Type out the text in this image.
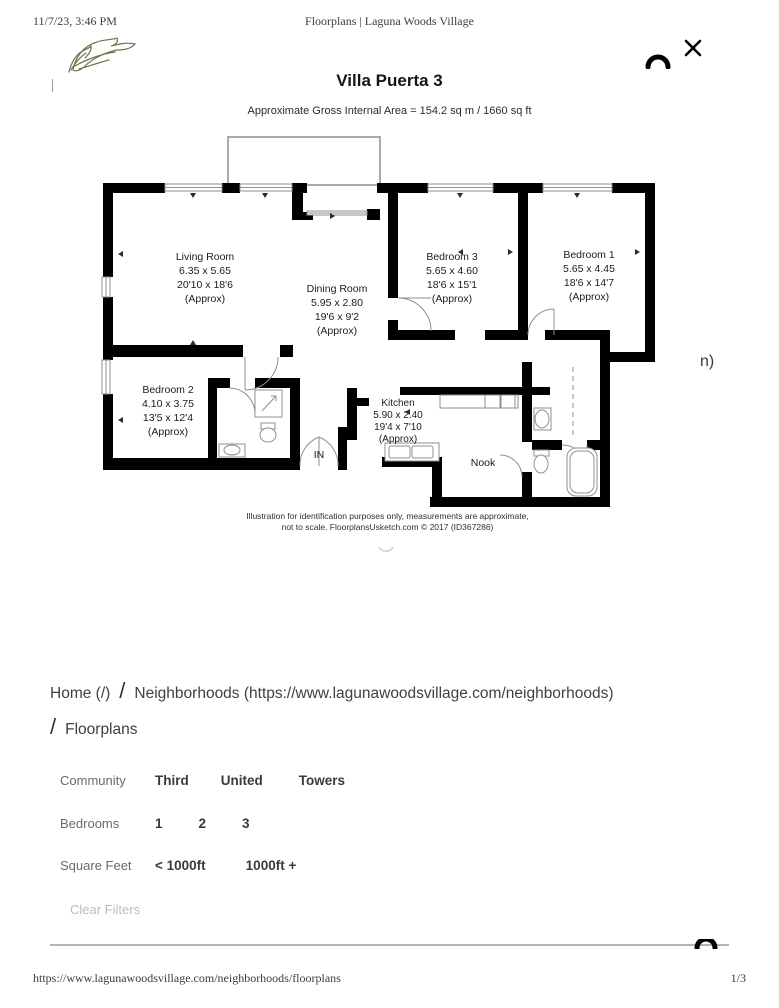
11/7/23, 3:46 PM	Floorplans | Laguna Woods Village
Villa Puerta 3
Approximate Gross Internal Area = 154.2 sq m / 1660 sq ft
Living Room
6.35 x 5.65
20'10 x 18'6
(Approx)
Dining Room
5.95 x 2.80
19'6 x 9'2
(Approx)
Bedroom 3
5.65 x 4.60
18'6 x 15'1
(Approx)
Bedroom 1
5.65 x 4.45
18'6 x 14'7
(Approx)
Bedroom 2
4.10 x 3.75
13'5 x 12'4
(Approx)
Kitchen
5.90 x 2.40
19'4 x 7'10
(Approx)
Nook
IN
Illustration for identification purposes only, measurements are approximate,
not to scale. FloorplansUsketch.com © 2017 (ID367286)
n)
Home (/) / Neighborhoods (https://www.lagunawoodsvillage.com/neighborhoods)
/ Floorplans
Community	Third United	Towers
Bedrooms	1	2	3
Square Feet	< 1000ft	1000ft +
Clear Filters
https://www.lagunawoodsvillage.com/neighborhoods/floorplans	1/3
